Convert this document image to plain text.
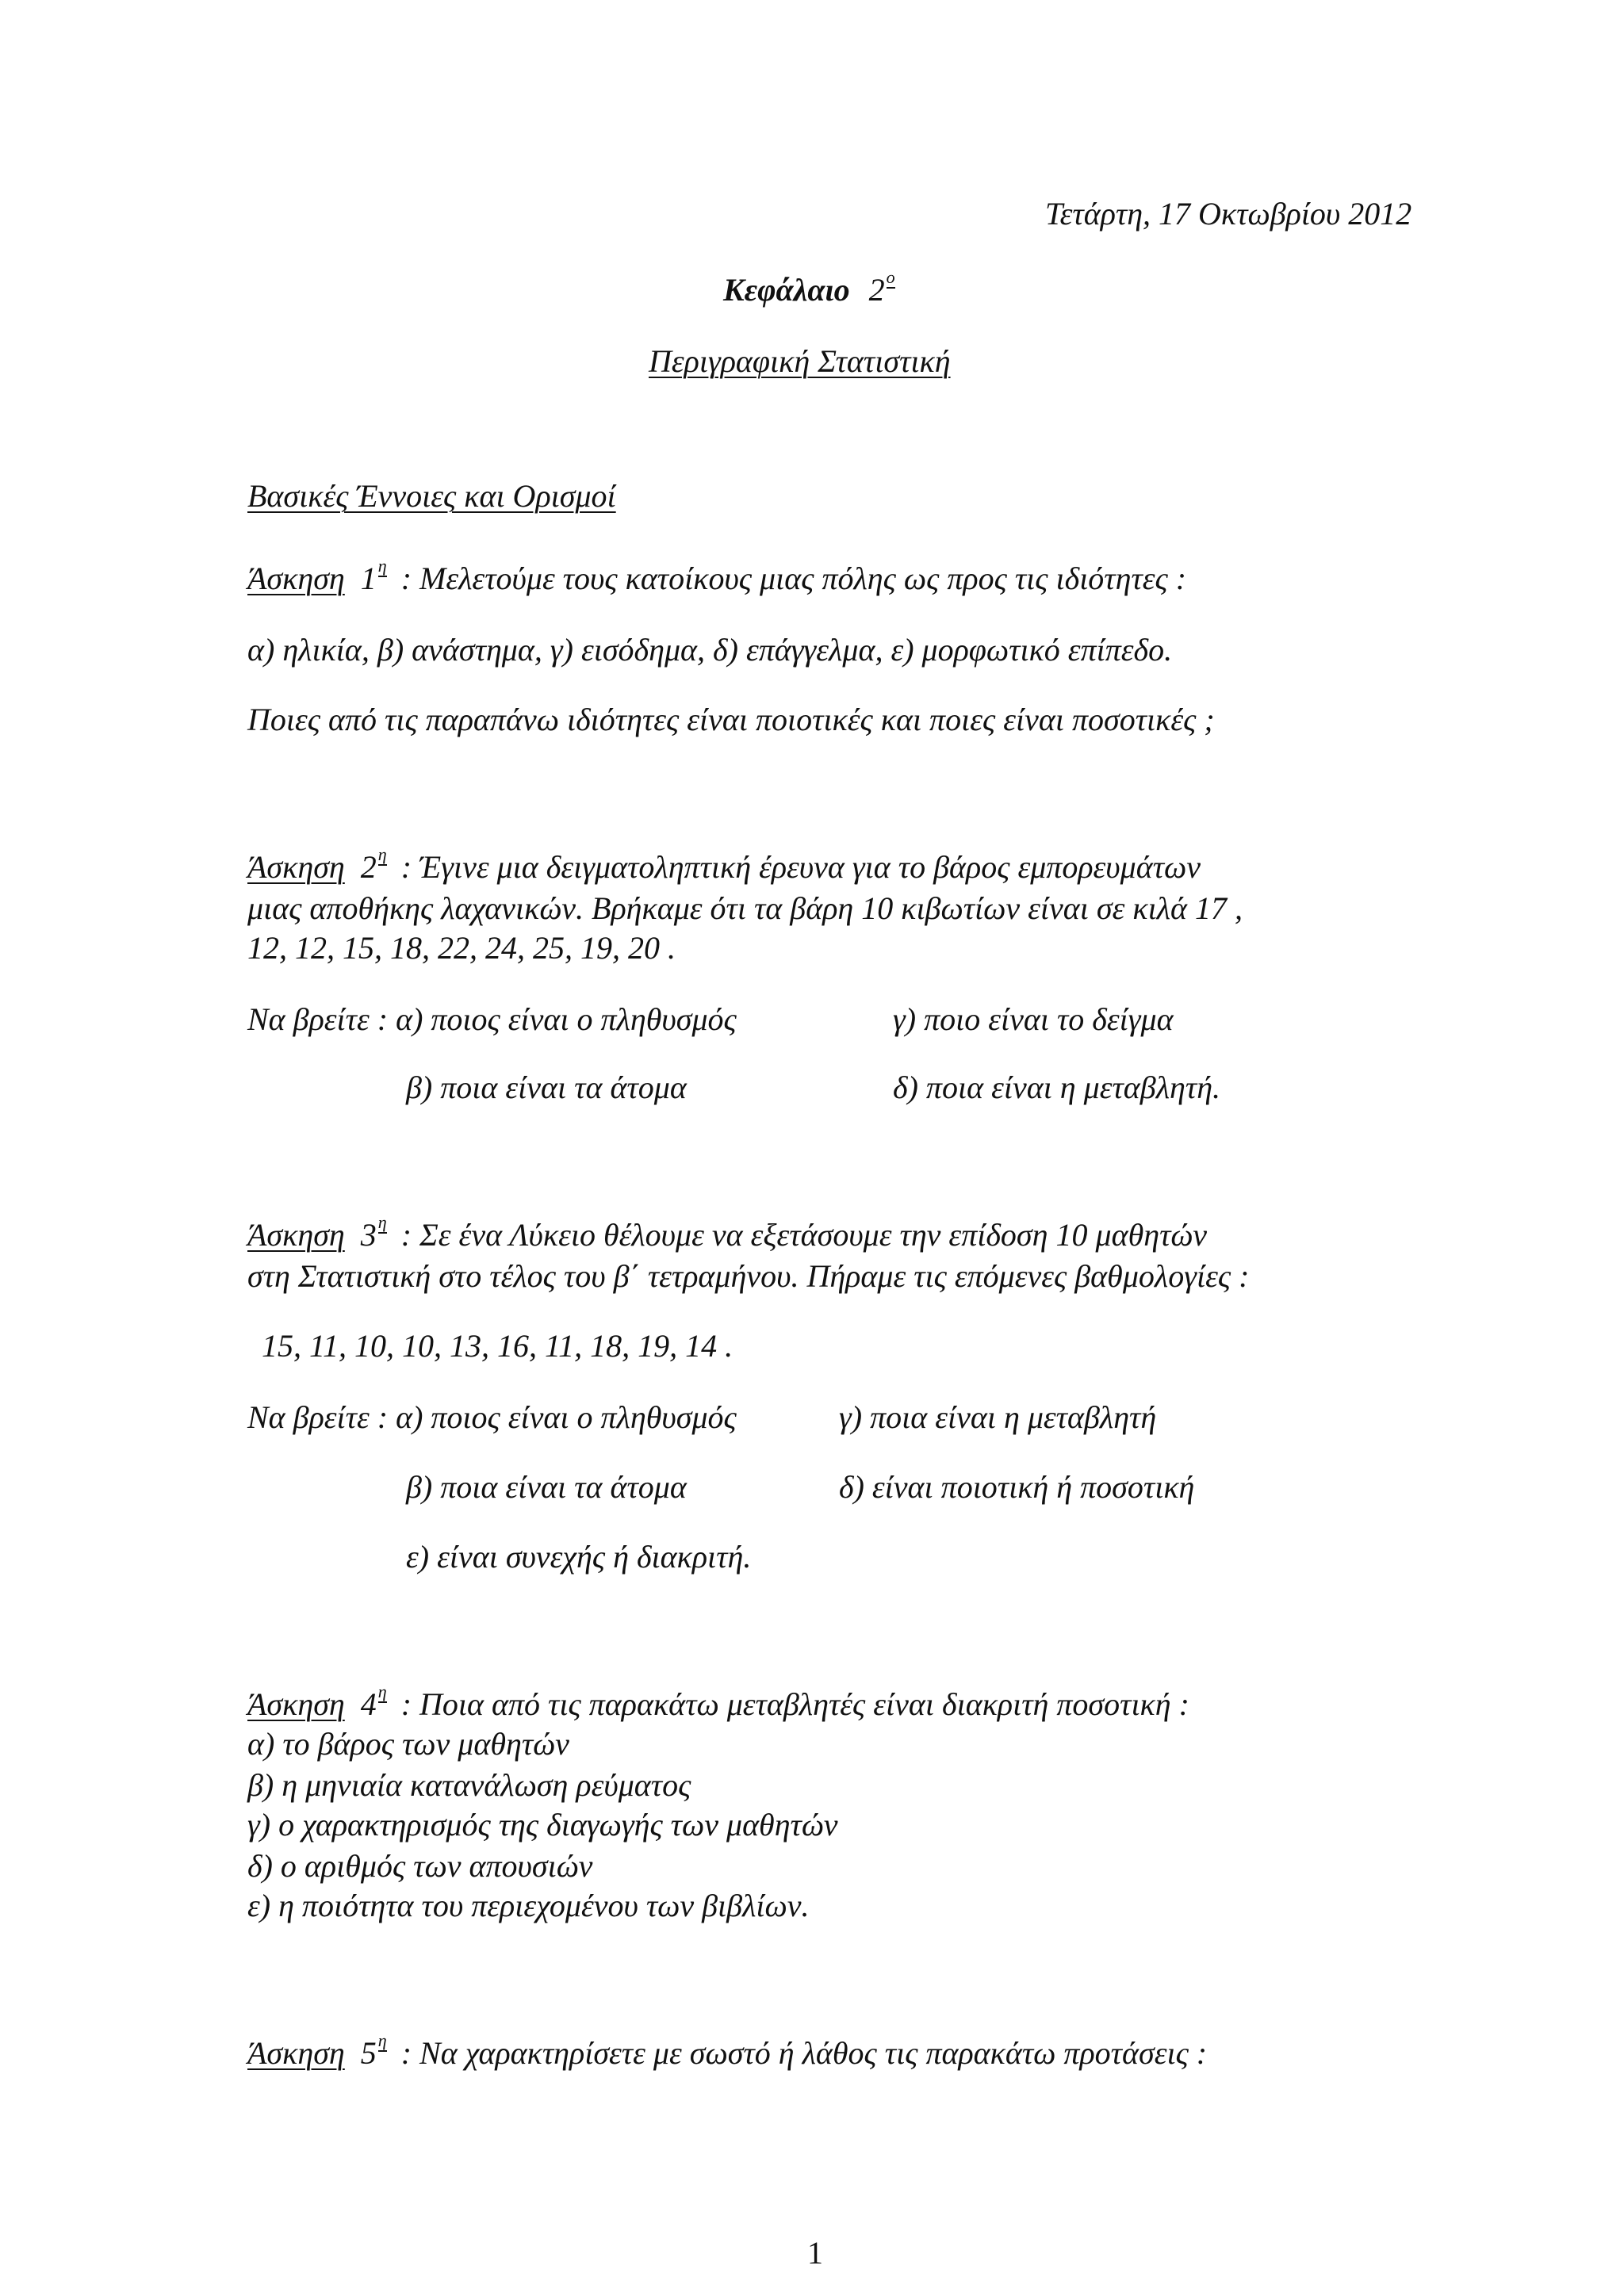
Τετάρτη, 17 Οκτωβρίου 2012
Κεφάλαιο 2ο
Περιγραφική Στατιστική
Βασικές Έννοιες και Ορισμοί
Άσκηση 1η : Μελετούμε τους κατοίκους μιας πόλης ως προς τις ιδιότητες :
α) ηλικία, β) ανάστημα, γ) εισόδημα, δ) επάγγελμα, ε) μορφωτικό επίπεδο.
Ποιες από τις παραπάνω ιδιότητες είναι ποιοτικές και ποιες είναι ποσοτικές ;
Άσκηση 2η : Έγινε μια δειγματοληπτική έρευνα για το βάρος εμπορευμάτων
μιας αποθήκης λαχανικών. Βρήκαμε ότι τα βάρη 10 κιβωτίων είναι σε κιλά 17 ,
12, 12, 15, 18, 22, 24, 25, 19, 20 .
Να βρείτε : α) ποιος είναι ο πληθυσμός	γ) ποιο είναι το δείγμα
β) ποια είναι τα άτομα	δ) ποια είναι η μεταβλητή.
Άσκηση 3η : Σε ένα Λύκειο θέλουμε να εξετάσουμε την επίδοση 10 μαθητών
στη Στατιστική στο τέλος του β΄ τετραμήνου. Πήραμε τις επόμενες βαθμολογίες :
15, 11, 10, 10, 13, 16, 11, 18, 19, 14 .
Να βρείτε : α) ποιος είναι ο πληθυσμός	γ) ποια είναι η μεταβλητή
β) ποια είναι τα άτομα	δ) είναι ποιοτική ή ποσοτική
ε) είναι συνεχής ή διακριτή.
Άσκηση 4η : Ποια από τις παρακάτω μεταβλητές είναι διακριτή ποσοτική :
α) το βάρος των μαθητών
β) η μηνιαία κατανάλωση ρεύματος
γ) ο χαρακτηρισμός της διαγωγής των μαθητών
δ) ο αριθμός των απουσιών
ε) η ποιότητα του περιεχομένου των βιβλίων.
Άσκηση 5η : Να χαρακτηρίσετε με σωστό ή λάθος τις παρακάτω προτάσεις :
1
